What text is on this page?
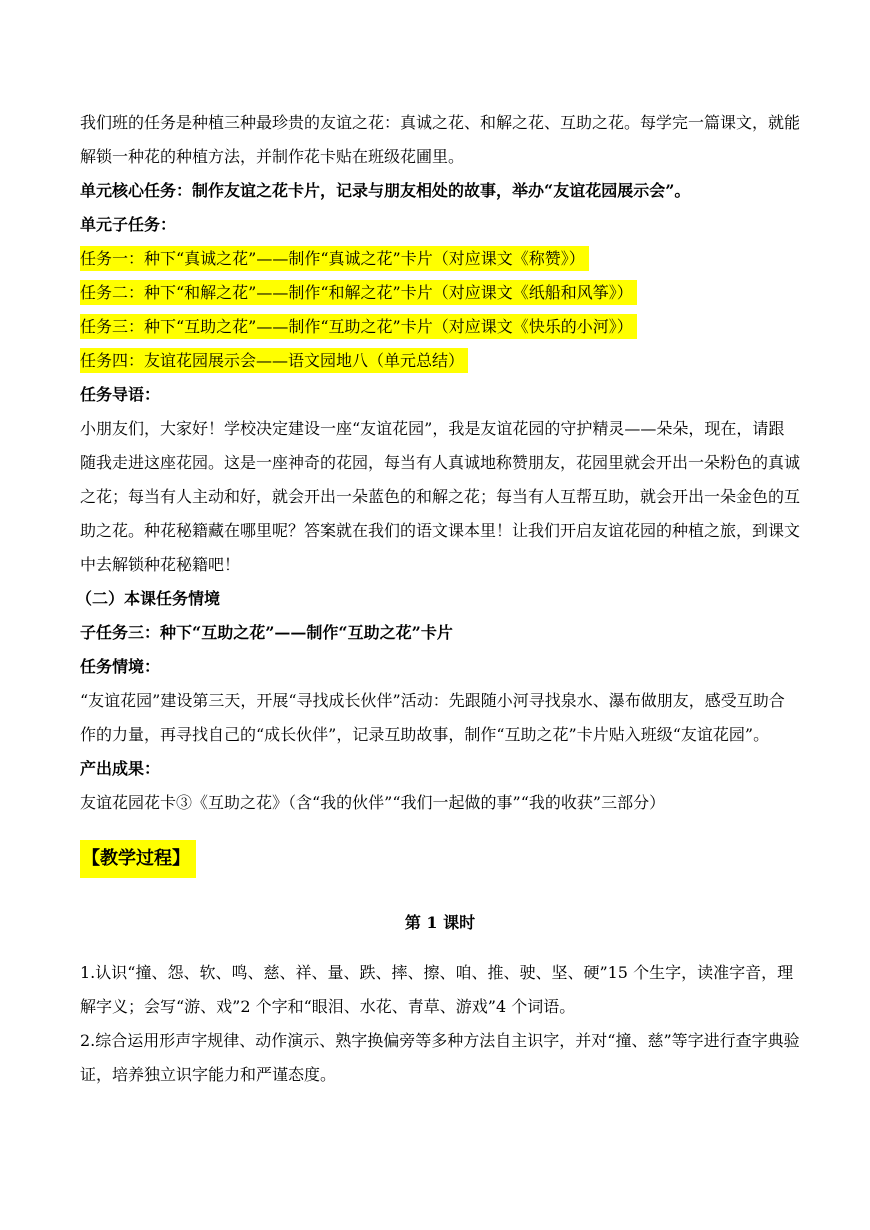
我们班的任务是种植三种最珍贵的友谊之花：真诚之花、和解之花、互助之花。每学完一篇课文，就能解锁一种花的种植方法，并制作花卡贴在班级花圃里。

单元核心任务：制作友谊之花卡片，记录与朋友相处的故事，举办“友谊花园展示会”。

单元子任务：

任务一：种下“真诚之花”——制作“真诚之花”卡片（对应课文《称赞》）

任务二：种下“和解之花”——制作“和解之花”卡片（对应课文《纸船和风筝》）

任务三：种下“互助之花”——制作“互助之花”卡片（对应课文《快乐的小河》）

任务四：友谊花园展示会——语文园地八（单元总结）

任务导语：

小朋友们，大家好！学校决定建设一座“友谊花园”，我是友谊花园的守护精灵——朵朵，现在，请跟随我走进这座花园。这是一座神奇的花园，每当有人真诚地称赞朋友，花园里就会开出一朵粉色的真诚之花；每当有人主动和好，就会开出一朵蓝色的和解之花；每当有人互帮互助，就会开出一朵金色的互助之花。种花秘籍藏在哪里呢？答案就在我们的语文课本里！让我们开启友谊花园的种植之旅，到课文中去解锁种花秘籍吧！

（二）本课任务情境

子任务三：种下“互助之花”——制作“互助之花”卡片

任务情境：

“友谊花园”建设第三天，开展“寻找成长伙伴”活动：先跟随小河寻找泉水、瀑布做朋友，感受互助合作的力量，再寻找自己的“成长伙伴”，记录互助故事，制作“互助之花”卡片贴入班级“友谊花园”。

产出成果：

友谊花园花卡③《互助之花》（含“我的伙伴”“我们一起做的事”“我的收获”三部分）

【教学过程】

第 1 课时

1.认识“撞、怨、软、鸣、慈、祥、量、跌、摔、擦、咱、推、驶、坚、硬”15 个生字，读准字音，理解字义；会写“游、戏”2 个字和“眼泪、水花、青草、游戏”4 个词语。

2.综合运用形声字规律、动作演示、熟字换偏旁等多种方法自主识字，并对“撞、慈”等字进行查字典验证，培养独立识字能力和严谨态度。
